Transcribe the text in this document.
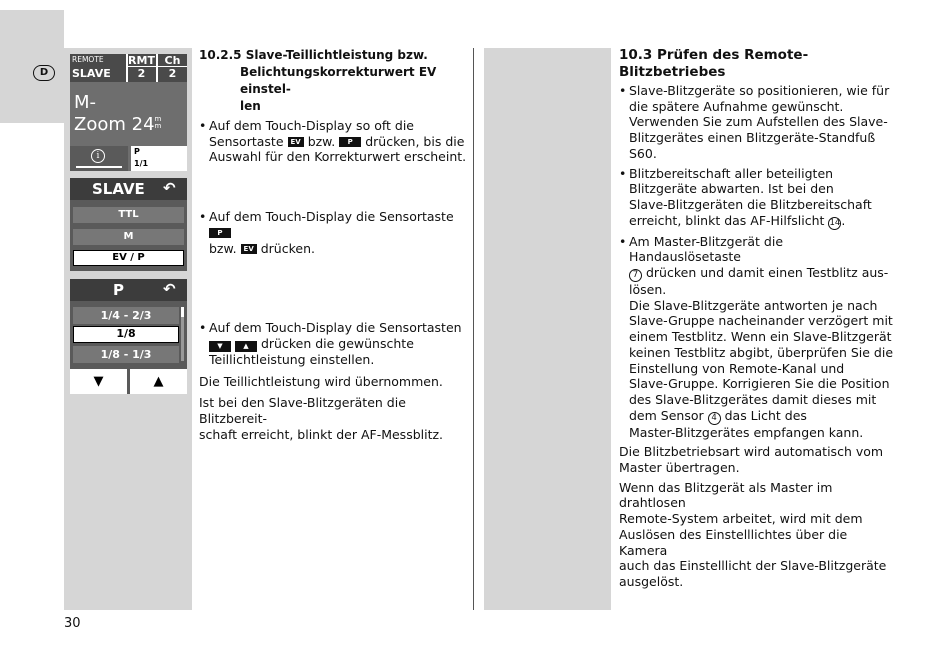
D
30
REMOTE
SLAVE
RMT Ch
2	2
M-
Zoom 24m
m
i	P
1/1
SLAVE ↶
TTL
M
EV / P
P	↶
1/4 - 2/3
1/8
1/8 - 1/3
▼	▲
10.2.5 Slave-Teillichtleistung bzw.
Belichtungskorrekturwert EV einstel-
len
• Auf dem Touch-Display so oft die
Sensortaste EV bzw. P drücken, bis die
Auswahl für den Korrekturwert erscheint.
• Auf dem Touch-Display die Sensortaste P
bzw. EV drücken.
• Auf dem Touch-Display die Sensortasten
▼	▲ drücken die gewünschte
Teillichtleistung einstellen.
Die Teillichtleistung wird übernommen.
Ist bei den Slave-Blitzgeräten die Blitzbereit-
schaft erreicht, blinkt der AF-Messblitz.
10.3 Prüfen des Remote-Blitzbetriebes
• Slave-Blitzgeräte so positionieren, wie für
die spätere Aufnahme gewünscht.
Verwenden Sie zum Aufstellen des Slave-
Blitzgerätes einen Blitzgeräte-Standfuß
S60.
• Blitzbereitschaft aller beteiligten
Blitzgeräte abwarten. Ist bei den
Slave-Blitzgeräten die Blitzbereitschaft
erreicht, blinkt das AF-Hilfslicht 14.
• Am Master-Blitzgerät die Handauslösetaste
7 drücken und damit einen Testblitz aus-
lösen.
Die Slave-Blitzgeräte antworten je nach
Slave-Gruppe nacheinander verzögert mit
einem Testblitz. Wenn ein Slave-Blitzgerät
keinen Testblitz abgibt, überprüfen Sie die
Einstellung von Remote-Kanal und
Slave-Gruppe. Korrigieren Sie die Position
des Slave-Blitzgerätes damit dieses mit
dem Sensor 4 das Licht des
Master-Blitzgerätes empfangen kann.
Die Blitzbetriebsart wird automatisch vom
Master übertragen.
Wenn das Blitzgerät als Master im drahtlosen
Remote-System arbeitet, wird mit dem
Auslösen des Einstelllichtes über die Kamera
auch das Einstelllicht der Slave-Blitzgeräte
ausgelöst.
